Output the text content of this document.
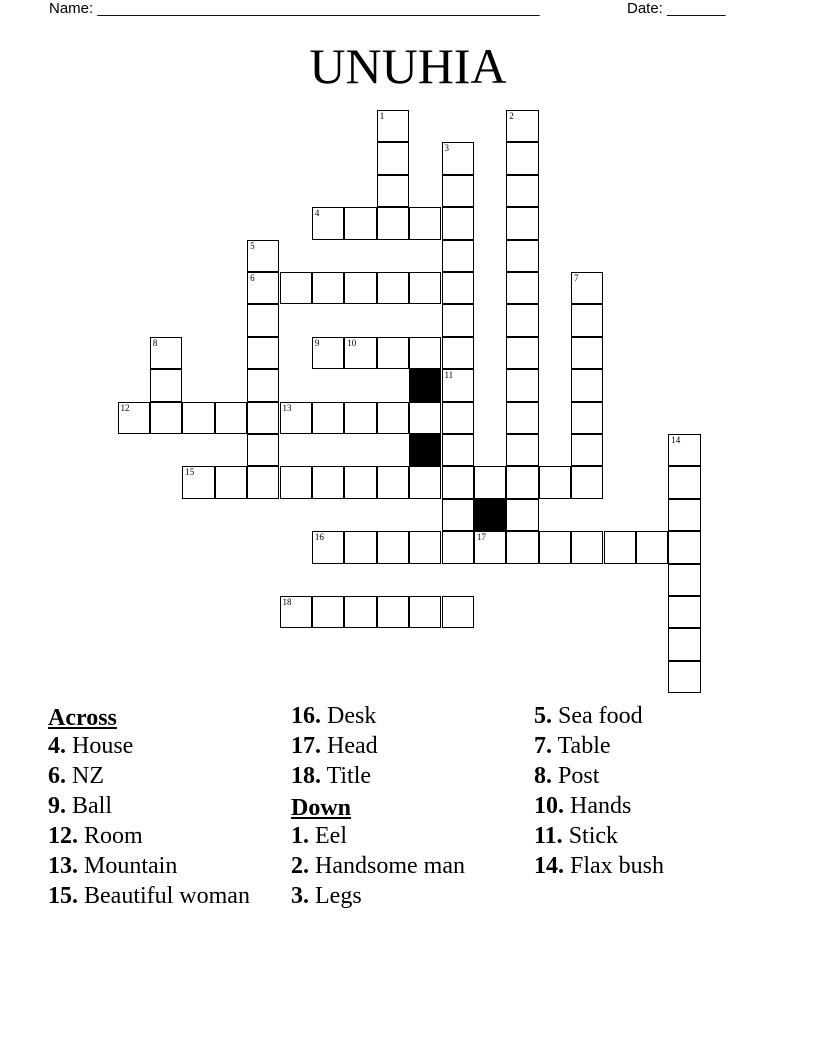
Name: _____________________________________________________	Date: _______
UNUHIA
1	2
3
4
5
6	7
8	9	10
11
12	13
14
15
16	17
18
Across
4. House
6. NZ
9. Ball
12. Room
13. Mountain
15. Beautiful woman
16. Desk
17. Head
18. Title
Down
1. Eel
2. Handsome man
3. Legs
5. Sea food
7. Table
8. Post
10. Hands
11. Stick
14. Flax bush
